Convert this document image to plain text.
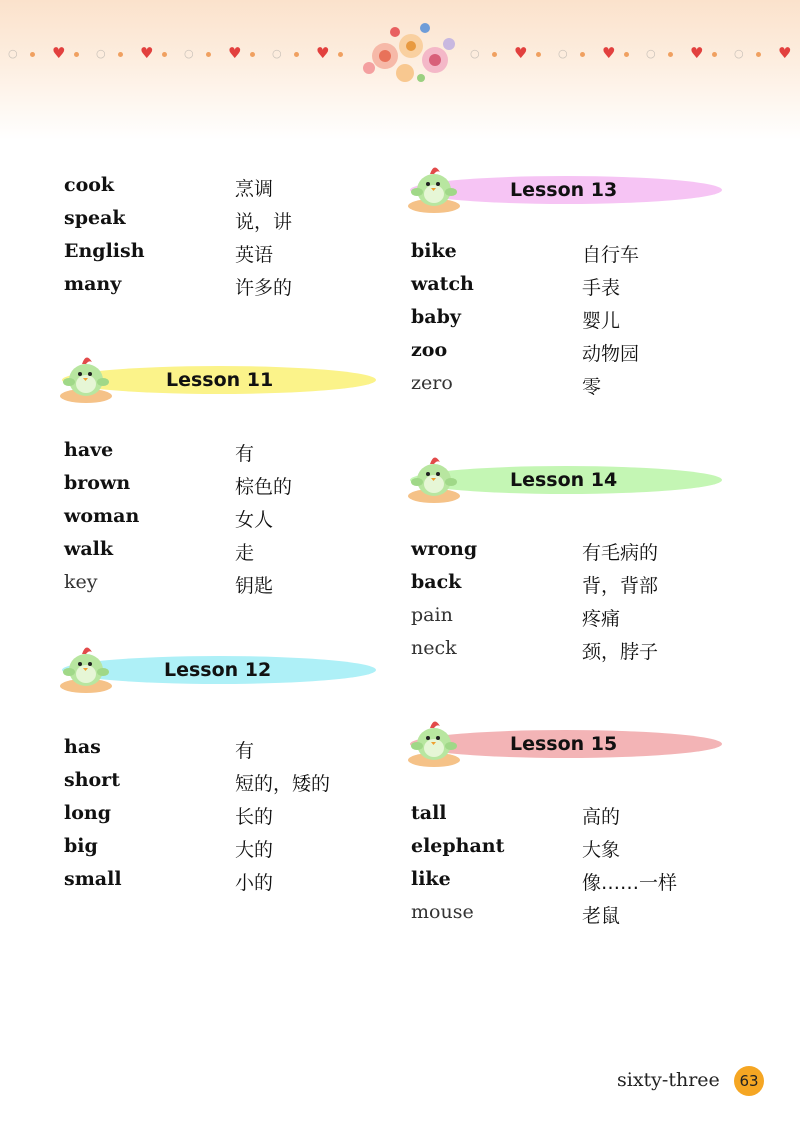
○ ♥	○ ♥	○ ♥	○ ♥	○ ♥	○ ♥	○ ♥	○ ♥
sixty-three	63
cook	烹调
speak	说，讲
English	英语
many	许多的
Lesson 11
have	有
brown	棕色的
woman	女人
walk	走
key	钥匙
Lesson 12
has	有
short	短的，矮的
long	长的
big	大的
small	小的
Lesson 13
bike	自行车
watch	手表
baby	婴儿
zoo	动物园
zero	零
Lesson 14
wrong	有毛病的
back	背，背部
pain	疼痛
neck	颈，脖子
Lesson 15
tall	高的
elephant	大象
like	像……一样
mouse	老鼠
